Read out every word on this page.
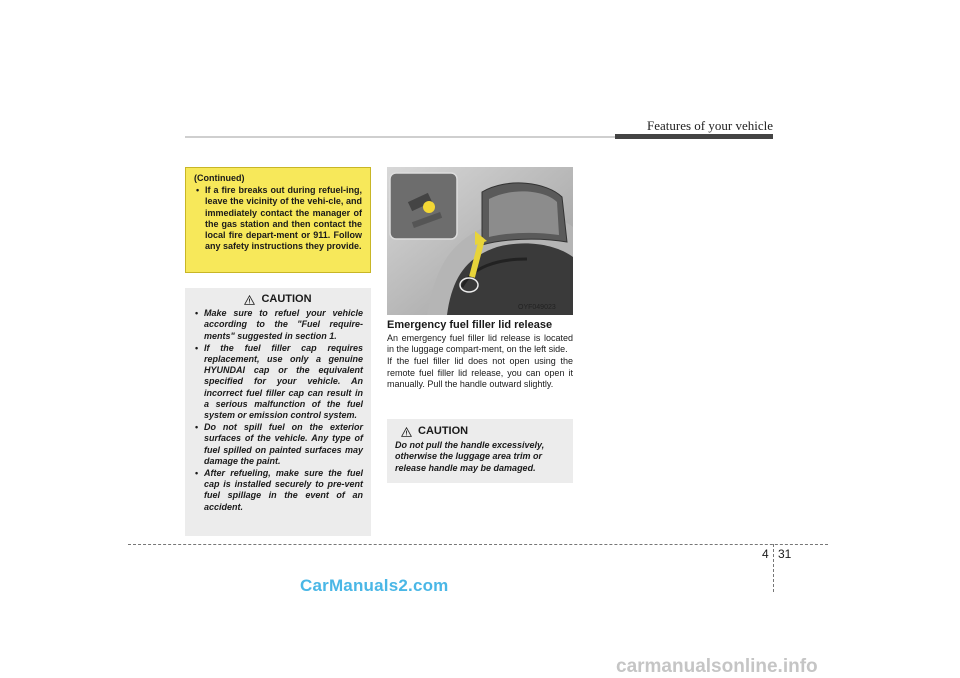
Features of your vehicle
(Continued)
• If a fire breaks out during refuel-ing, leave the vicinity of the vehi-cle, and immediately contact the manager of the gas station and then contact the local fire depart-ment or 911. Follow any safety instructions they provide.
CAUTION
• Make sure to refuel your vehicle according to the "Fuel require-ments" suggested in section 1.
• If the fuel filler cap requires replacement, use only a genuine HYUNDAI cap or the equivalent specified for your vehicle. An incorrect fuel filler cap can result in a serious malfunction of the fuel system or emission control system.
• Do not spill fuel on the exterior surfaces of the vehicle. Any type of fuel spilled on painted surfaces may damage the paint.
• After refueling, make sure the fuel cap is installed securely to pre-vent fuel spillage in the event of an accident.
OYF049023
Emergency fuel filler lid release

An emergency fuel filler lid release is located in the luggage compart-ment, on the left side.

If the fuel filler lid does not open using the remote fuel filler lid release, you can open it manually. Pull the handle outward slightly.

CAUTION
Do not pull the handle excessively, otherwise the luggage area trim or release handle may be damaged.
4 31
CarManuals2.com
carmanualsonline.info
